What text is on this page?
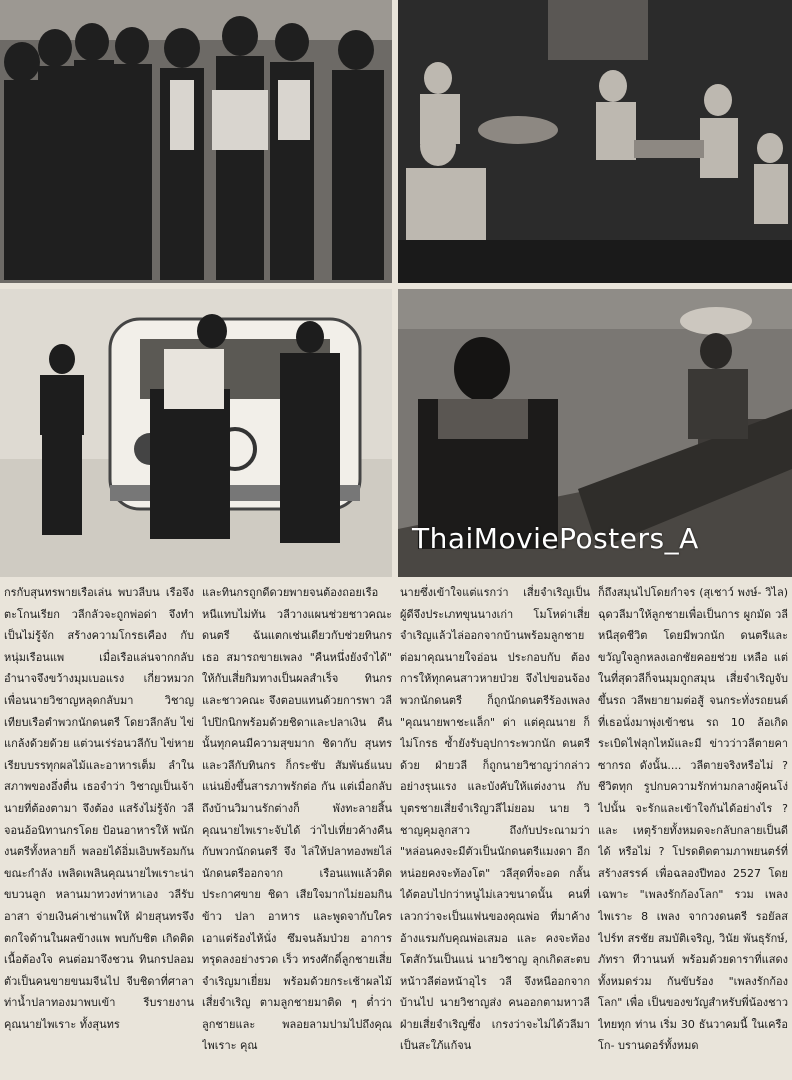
ThaiMoviePosters_A

กรกับสุนทรพายเรือเล่น พบวลีบน เรือจึงตะโกนเรียก วลีกลัวจะถูกพ่อด่า จึงทำเป็นไม่รู้จัก สร้างความโกรธเคือง กับหนุ่มเรือนแพ เมื่อเรือแล่นจากกลับ อำนาจจึงขว้างมุมเบอแรง เกี่ยวหมวก เพื่อนนายวิชาญหลุดกลับมา วิชาญ เทียบเรือตำพวกนักดนตรี โดยวลีกลับ ไข่แกล้งด้วยด้วย แต่วนเร่ร่อนวลีกับ ไข่หายเรียบบรรทุกผลไม้และอาหารเต็ม ลำในสภาพของอึ่งตื่น เธอจำว่า วิชาญเป็นเจ้านายที่ต้องตามา จึงต้อง แสร้งไม่รู้จัก วลีจอนอ้อนิทานกรโดย ป้อนอาหารให้ พนักงนตรีทั้งหลายก็ พลอยได้อิ่มเอิบพร้อมกัน ขณะกำลัง เพลิดเพลินคุณนายไพเราะน่าขบวนลูก หลานมาทวงท่าหาเอง วลีรับอาสา จ่ายเงินค่าเช่าแพให้ ฝ่ายสุนทรจึง ตกใจด้านในผลข้างแพ พบกับชิต เกิดติดเนื้อต้องใจ คนต่อมาจึงชวน ทินกรปลอมตัวเป็นคนขายขนมจีนไป จีบชิดาที่ศาลาท่าน้ำปลาทองมาพบเข้า รีบรายงานคุณนายไพเราะ ทั้งสุนทร

และทินกรถูกดีดวยพายจนต้องถอยเรือ หนีแทบไม่ทัน วลีวางแผนช่วยชาวคณะดนตรี ฉันแตกเช่นเดียวกับช่วยทินกร เธอ สมารถขายเพลง "คืนหนึ่งยังจำได้" ให้กับเสี่ยกิมทางเป็นผลสำเร็จ ทินกร และชาวคณะ จึงตอบแทนด้วยการพา วลีไปปิกนิกพร้อมด้วยชิดาและปลาเงิน คืนนั้นทุกคนมีความสุขมาก ชิดากับ สุนทร และวลีกับทินกร ก็กระชับ สัมพันธ์แนบแน่นยิ่งขึ้นสารภาพรักต่อ กัน แต่เมื่อกลับถึงบ้านวิมานรักต่างก็ พังทะลายสิ้น คุณนายไพเราะจับได้ ว่าไปเที่ยวค้างคืนกับพวกนักดนตรี จึง ไล่ให้ปลาทองพยไล่นักดนตรีออกจาก เรือนแพแล้วติดประกาศขาย ชิดา เสียใจมากไม่ยอมกิน ข้าว ปลา อาหาร และพูดจากับใคร เอาแต่ร้องไห้นั่ง ซึมจนล้มป่วย อาการทรุดลงอย่างรวด เร็ว ทรงศักดิ์ลูกชายเสี่ยจำเริญมาเยี่ยม พร้อมด้วยกระเช้าผลไม้ เสี่ยจำเริญ ตามลูกชายมาติด ๆ ต่ำว่าลูกชายและ พลอยลามปามไปถึงคุณไพเราะ คุณ

นายซึ่งเข้าใจแต่แรกว่า เสี่ยจำเริญเป็น ผู้ดีจึงประเภทขุนนางเก่า โมโหด่าเสี่ย จำเริญแล้วไล่ออกจากบ้านพร้อมลูกชาย ต่อมาคุณนายใจอ่อน ประกอบกับ ต้อง การให้ทุกคนสาวหายป่วย จึงไปขอนจ้อง พวกนักดนตรี ก็ถูกนักดนตรีร้องเพลง "คุณนายพาชะแล็ก" ด่า แต่คุณนาย ก็ไม่โกรธ ซ้ำยังรับอุปการะพวกนัก ดนตรีด้วย ฝ่ายวลี ก็ถูกนายวิชาญว่ากล่าว อย่างรุนแรง และบังคับให้แต่งงาน กับบุตรชายเสี่ยจำเริญวลีไม่ยอม นาย วิชาญคุมลูกสาว ถึงกับประณามว่า "หล่อนคงจะมีตัวเป็นนักดนตรีแมงดา อีกหน่อยคงจะท้องโต" วลีสุดที่จะอด กลั้นได้ตอบไปกว่าหนูไม่เลวขนาดนั้น คนที่เลวกว่าจะเป็นแฟนของคุณพ่อ ที่มาค้างอ้างแรมกับคุณพ่อเสมอ และ คงจะท้องโตสักวันเป็นแน่ นายวิชาญ ลุกเกิดสะตบหน้าวลีต่อหน้าอุไร วลี จึงหนีออกจากบ้านไป นายวิชาญส่ง คนออกตามหาวลี ฝ่ายเสี่ยจำเริญซึ่ง เกรงว่าจะไม่ได้วลีมาเป็นสะใภ้แก้จน

ก็ถึงสมุนไปโดยกำจร (สุเชาว์ พงษ์- วิไล) ฉุดวลีมาให้ลูกชายเพื่อเป็นการ ผูกมัด วลีหนีสุดชีวิต โดยมีพวกนัก ดนตรีและขวัญใจลูกหลงเอกชัยคอยช่วย เหลือ แต่ในที่สุดวลีก็จนมุมถูกสมุน เสี่ยจำเริญจับขึ้นรถ วลีพยายามต่อสู้ จนกระทั่งรถยนต์ที่เธอนั่งมาพุ่งเข้าชน รถ 10 ล้อเกิดระเบิดไฟลุกไหม้และมี ข่าวว่าวลีตายคาซากรถ ดังนั้น.... วลีตายจริงหรือไม่ ? ชีวิตทุก รูปกบความรักท่ามกลางผู้คนโง่ไปนั้น จะรักและเข้าใจกันได้อย่างไร ? และ เหตุร้ายทั้งหมดจะกลับกลายเป็นดีได้ หรือไม่ ? โปรดติดตามภาพยนตร์ที่ สร้างสรรค์ เพื่อฉลองปีทอง 2527 โดยเฉพาะ "เพลงรักก้องโลก" รวม เพลงไพเราะ 8 เพลง จากวงดนตรี รอยัลสไปร์ท สรชัย สมบัติเจริญ, วินัย พันธุรักษ์, ภัทรา ทีวานนท์ พร้อมด้วยดาราที่แสดง ทั้งหมดร่วม กันขับร้อง "เพลงรักก้องโลก" เพื่อ เป็นของขวัญสำหรับพี่น้องชาวไทยทุก ท่าน เริ่ม 30 ธันวาคมนี้ ในเครือโก- บรานดอร์ทั้งหมด
